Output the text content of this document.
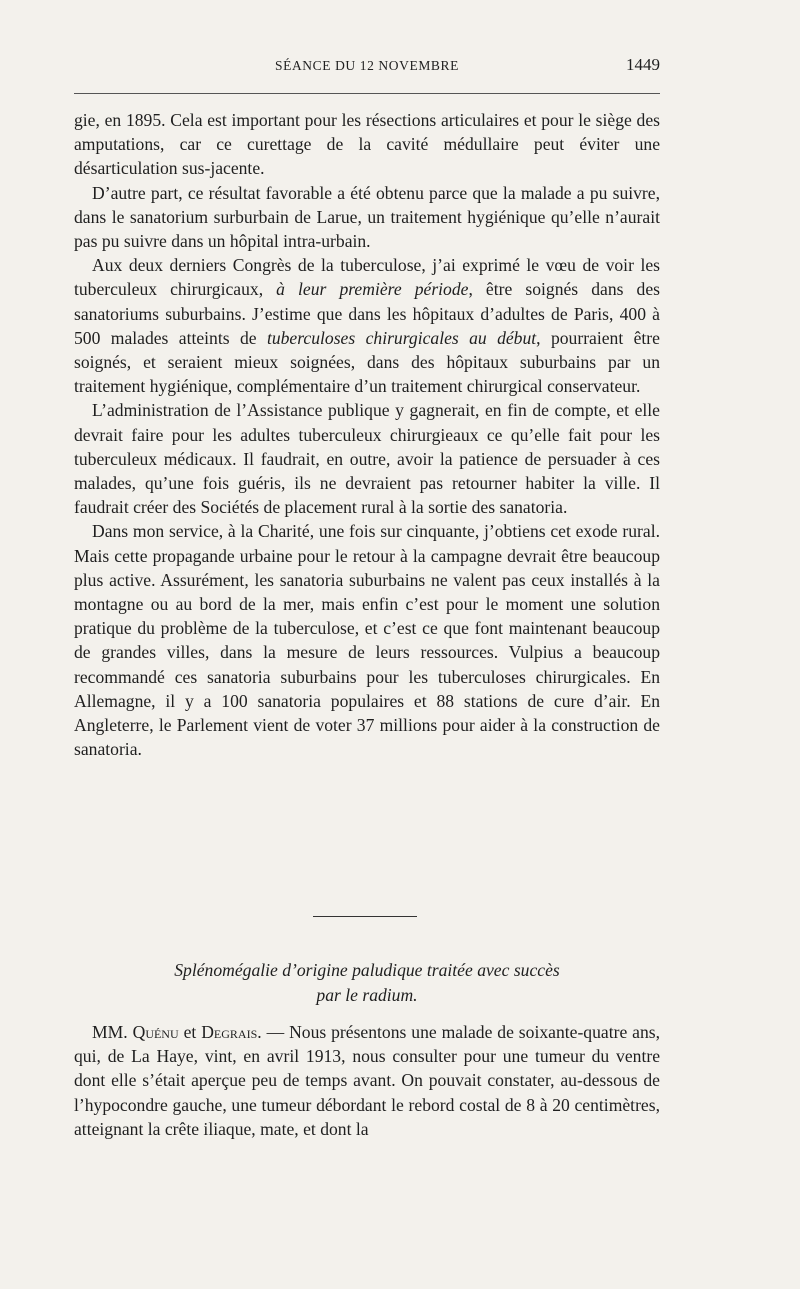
SÉANCE DU 12 NOVEMBRE	1449

gie, en 1895. Cela est important pour les résections articulaires et pour le siège des amputations, car ce curettage de la cavité médullaire peut éviter une désarticulation sus-jacente.

D’autre part, ce résultat favorable a été obtenu parce que la malade a pu suivre, dans le sanatorium surburbain de Larue, un traitement hygiénique qu’elle n’aurait pas pu suivre dans un hôpital intra-urbain.

Aux deux derniers Congrès de la tuberculose, j’ai exprimé le vœu de voir les tuberculeux chirurgicaux, à leur première période, être soignés dans des sanatoriums suburbains. J’estime que dans les hôpitaux d’adultes de Paris, 400 à 500 malades atteints de tuberculoses chirurgicales au début, pourraient être soignés, et seraient mieux soignées, dans des hôpitaux suburbains par un traitement hygiénique, complémentaire d’un traitement chirurgical conservateur.

L’administration de l’Assistance publique y gagnerait, en fin de compte, et elle devrait faire pour les adultes tuberculeux chirurgieaux ce qu’elle fait pour les tuberculeux médicaux. Il faudrait, en outre, avoir la patience de persuader à ces malades, qu’une fois guéris, ils ne devraient pas retourner habiter la ville. Il faudrait créer des Sociétés de placement rural à la sortie des sanatoria.

Dans mon service, à la Charité, une fois sur cinquante, j’obtiens cet exode rural. Mais cette propagande urbaine pour le retour à la campagne devrait être beaucoup plus active. Assurément, les sanatoria suburbains ne valent pas ceux installés à la montagne ou au bord de la mer, mais enfin c’est pour le moment une solution pratique du problème de la tuberculose, et c’est ce que font maintenant beaucoup de grandes villes, dans la mesure de leurs ressources. Vulpius a beaucoup recommandé ces sanatoria suburbains pour les tuberculoses chirurgicales. En Allemagne, il y a 100 sanatoria populaires et 88 stations de cure d’air. En Angleterre, le Parlement vient de voter 37 millions pour aider à la construction de sanatoria.

Splénomégalie d’origine paludique traitée avec succès
par le radium.

MM. Quénu et Degrais. — Nous présentons une malade de soixante-quatre ans, qui, de La Haye, vint, en avril 1913, nous consulter pour une tumeur du ventre dont elle s’était aperçue peu de temps avant. On pouvait constater, au-dessous de l’hypocondre gauche, une tumeur débordant le rebord costal de 8 à 20 centimètres, atteignant la crête iliaque, mate, et dont la
